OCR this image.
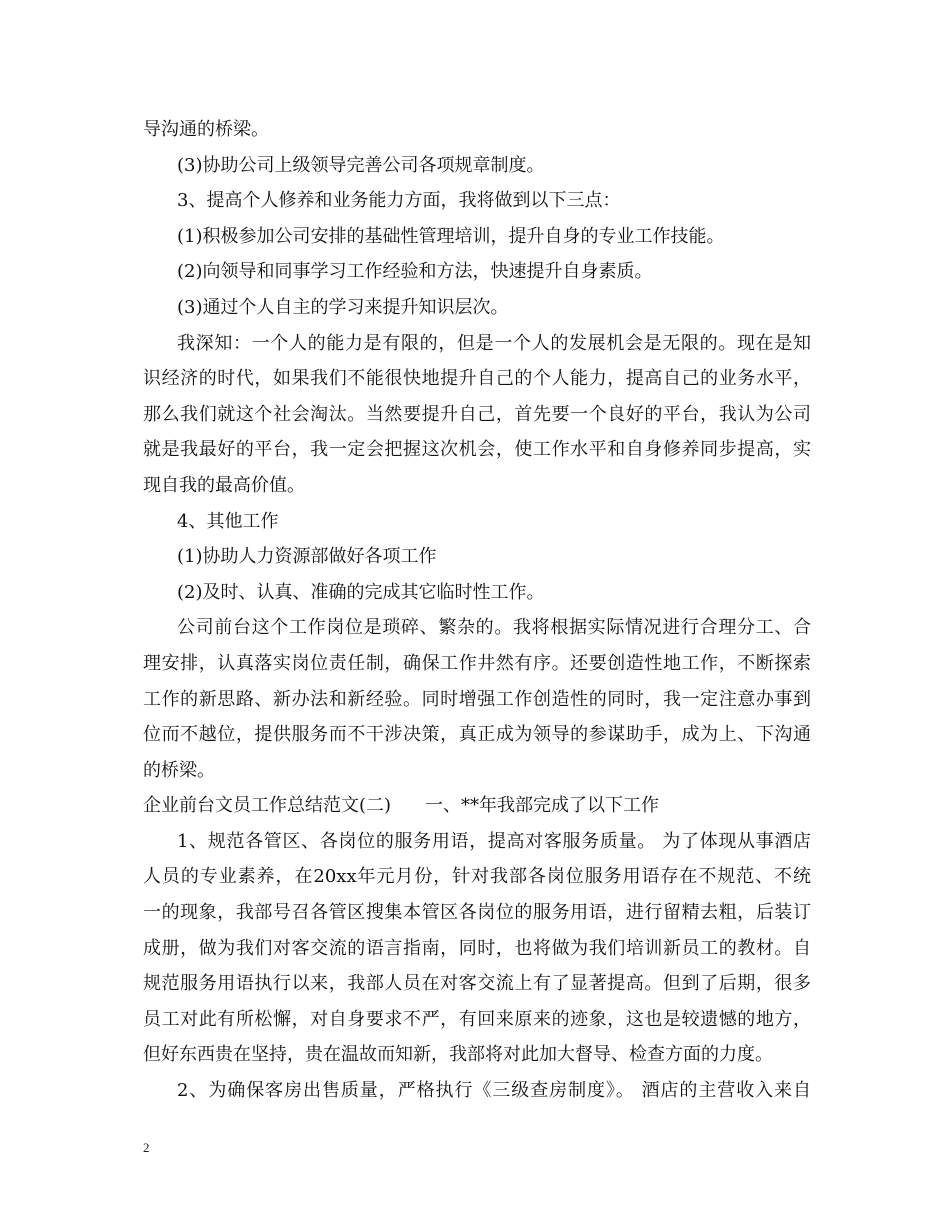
导沟通的桥梁。
(3)协助公司上级领导完善公司各项规章制度。
3、提高个人修养和业务能力方面，我将做到以下三点：
(1)积极参加公司安排的基础性管理培训，提升自身的专业工作技能。
(2)向领导和同事学习工作经验和方法，快速提升自身素质。
(3)通过个人自主的学习来提升知识层次。
我深知：一个人的能力是有限的，但是一个人的发展机会是无限的。现在是知
识经济的时代，如果我们不能很快地提升自己的个人能力，提高自己的业务水平，
那么我们就这个社会淘汰。当然要提升自己，首先要一个良好的平台，我认为公司
就是我最好的平台，我一定会把握这次机会，使工作水平和自身修养同步提高，实
现自我的最高价值。
4、其他工作
(1)协助人力资源部做好各项工作
(2)及时、认真、准确的完成其它临时性工作。
公司前台这个工作岗位是琐碎、繁杂的。我将根据实际情况进行合理分工、合
理安排，认真落实岗位责任制，确保工作井然有序。还要创造性地工作，不断探索
工作的新思路、新办法和新经验。同时增强工作创造性的同时，我一定注意办事到
位而不越位，提供服务而不干涉决策，真正成为领导的参谋助手，成为上、下沟通
的桥梁。
企业前台文员工作总结范文(二) 一、**年我部完成了以下工作
1、规范各管区、各岗位的服务用语，提高对客服务质量。 为了体现从事酒店
人员的专业素养，在20xx年元月份，针对我部各岗位服务用语存在不规范、不统
一的现象，我部号召各管区搜集本管区各岗位的服务用语，进行留精去粗，后装订
成册，做为我们对客交流的语言指南，同时，也将做为我们培训新员工的教材。自
规范服务用语执行以来，我部人员在对客交流上有了显著提高。但到了后期，很多
员工对此有所松懈，对自身要求不严，有回来原来的迹象，这也是较遗憾的地方，
但好东西贵在坚持，贵在温故而知新，我部将对此加大督导、检查方面的力度。
2、为确保客房出售质量，严格执行《三级查房制度》。 酒店的主营收入来自
2
